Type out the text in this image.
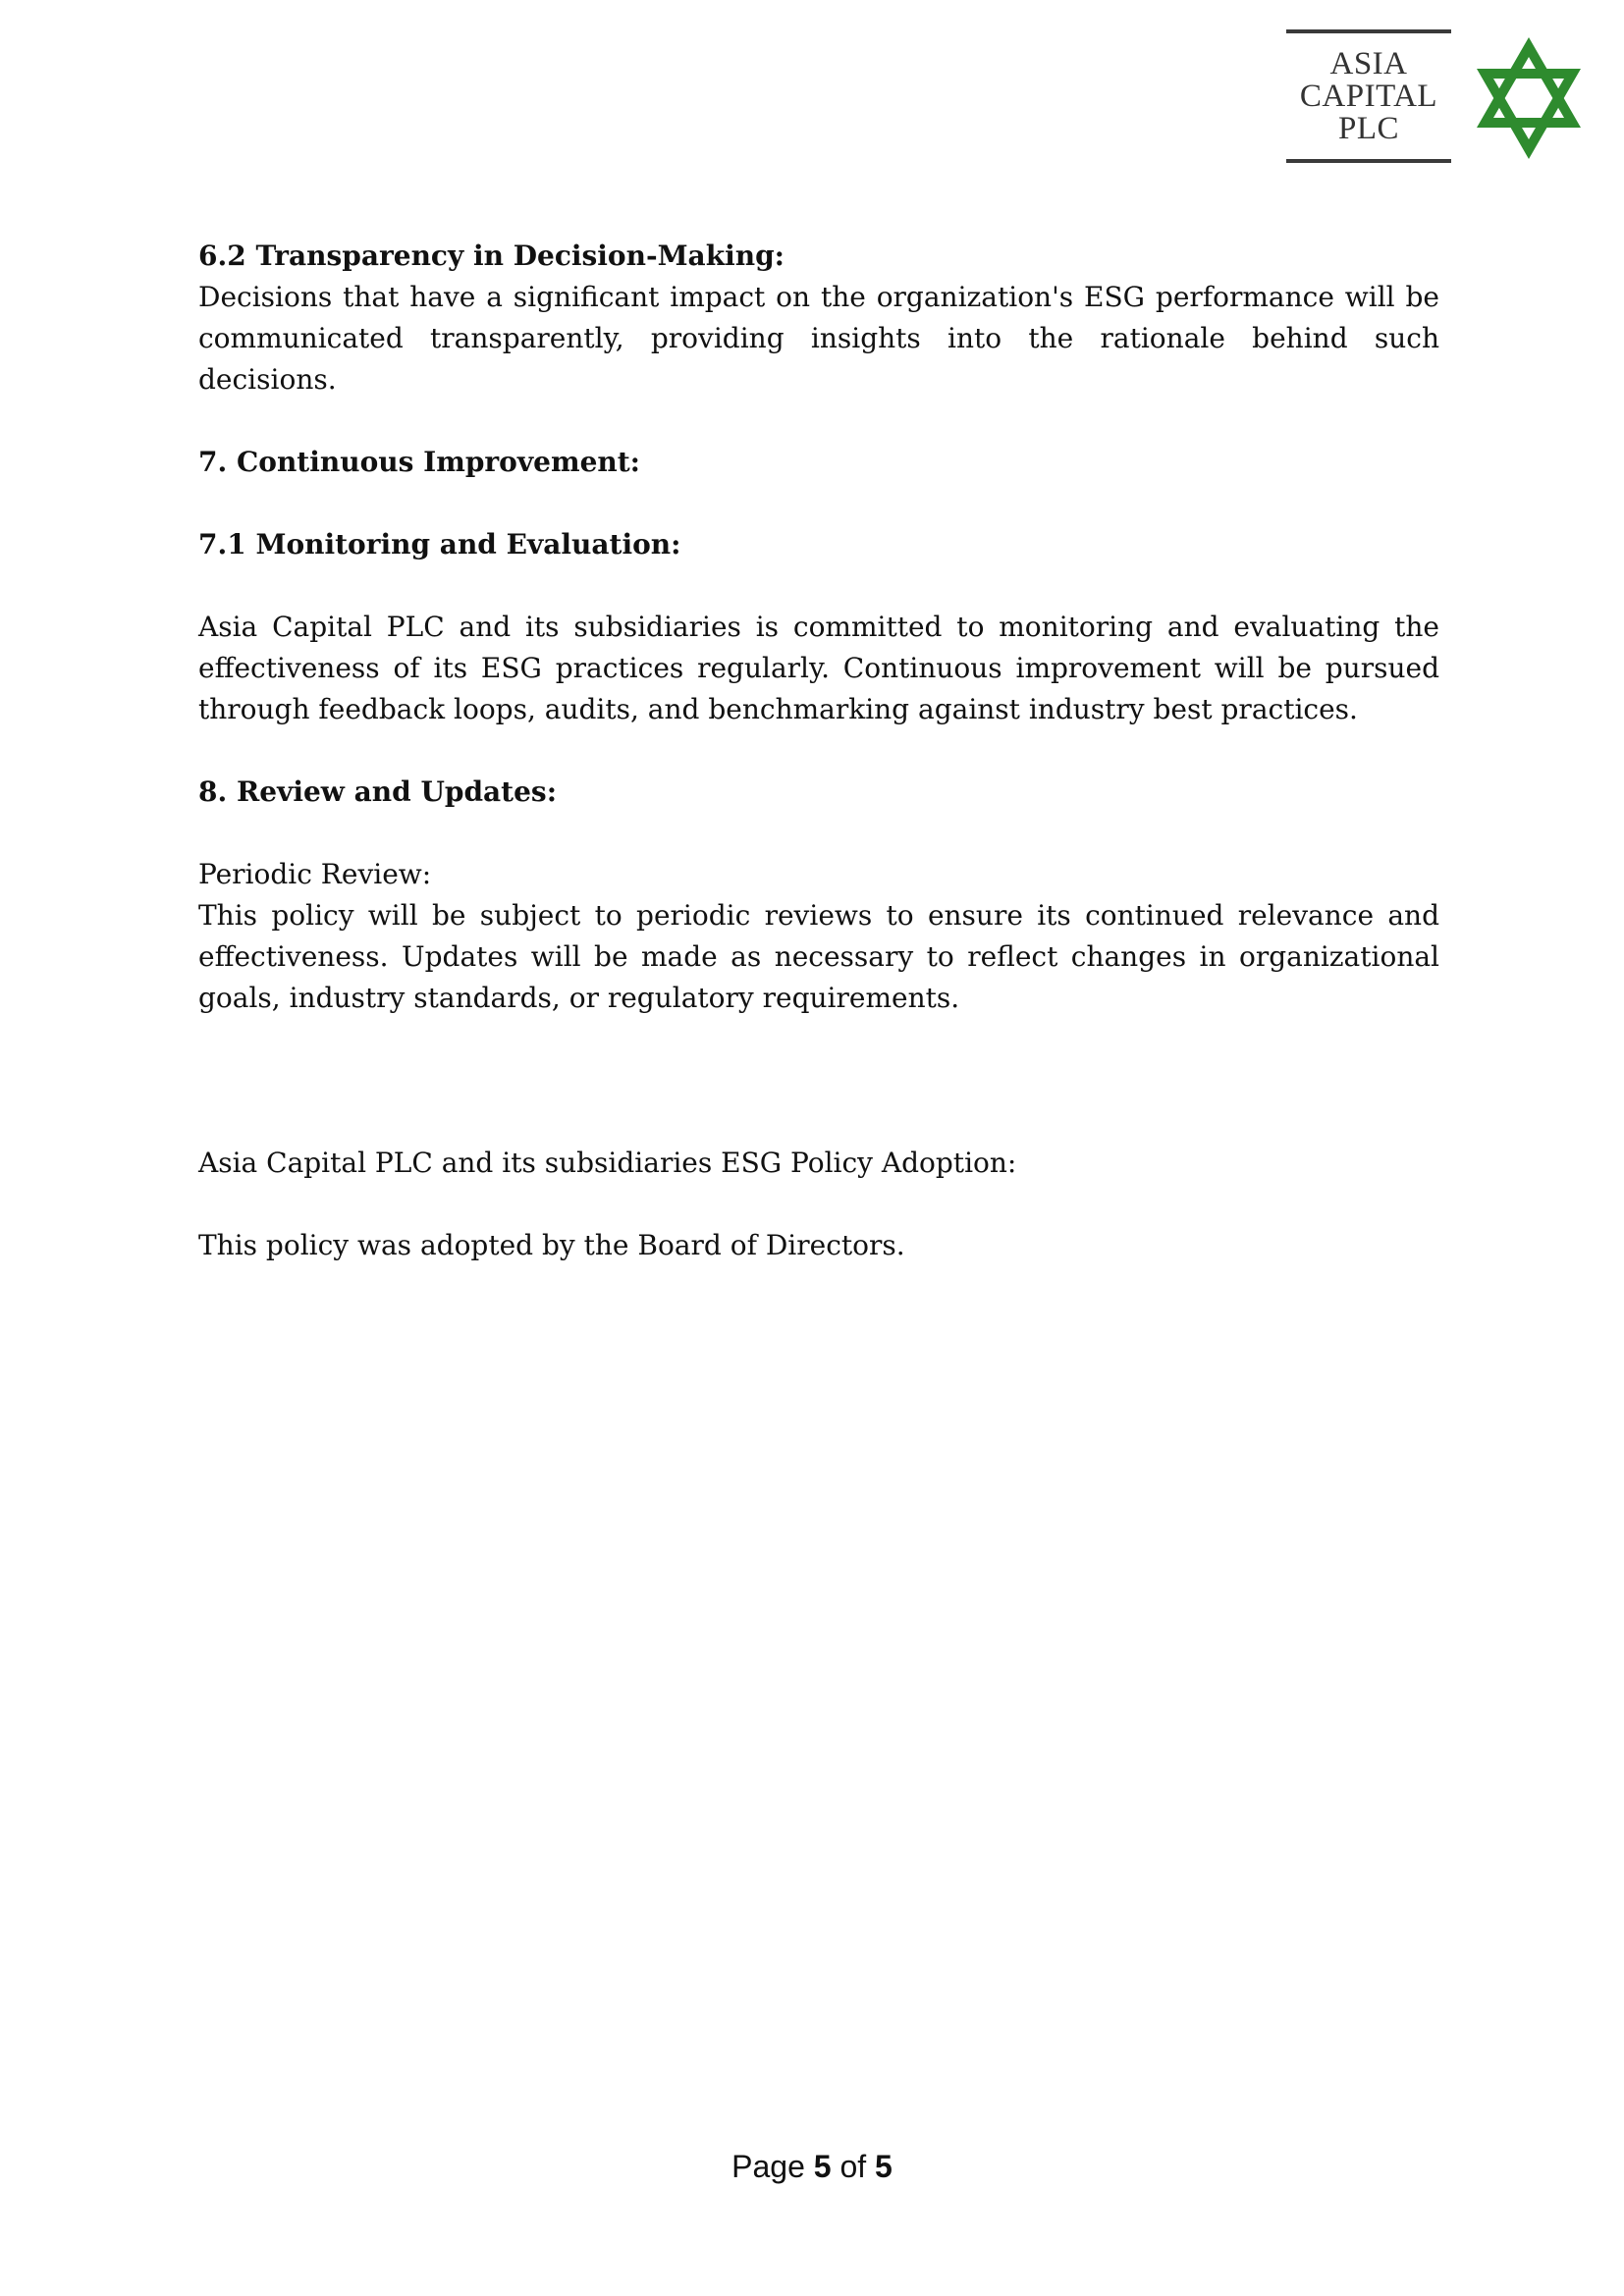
ASIA
CAPITAL
PLC

6.2 Transparency in Decision-Making:

Decisions that have a significant impact on the organization's ESG performance will be communicated transparently, providing insights into the rationale behind such decisions.

7. Continuous Improvement:

7.1 Monitoring and Evaluation:

Asia Capital PLC and its subsidiaries is committed to monitoring and evaluating the effectiveness of its ESG practices regularly. Continuous improvement will be pursued through feedback loops, audits, and benchmarking against industry best practices.

8. Review and Updates:

Periodic Review:

This policy will be subject to periodic reviews to ensure its continued relevance and effectiveness. Updates will be made as necessary to reflect changes in organizational goals, industry standards, or regulatory requirements.

Asia Capital PLC and its subsidiaries ESG Policy Adoption:

This policy was adopted by the Board of Directors.

Page 5 of 5
